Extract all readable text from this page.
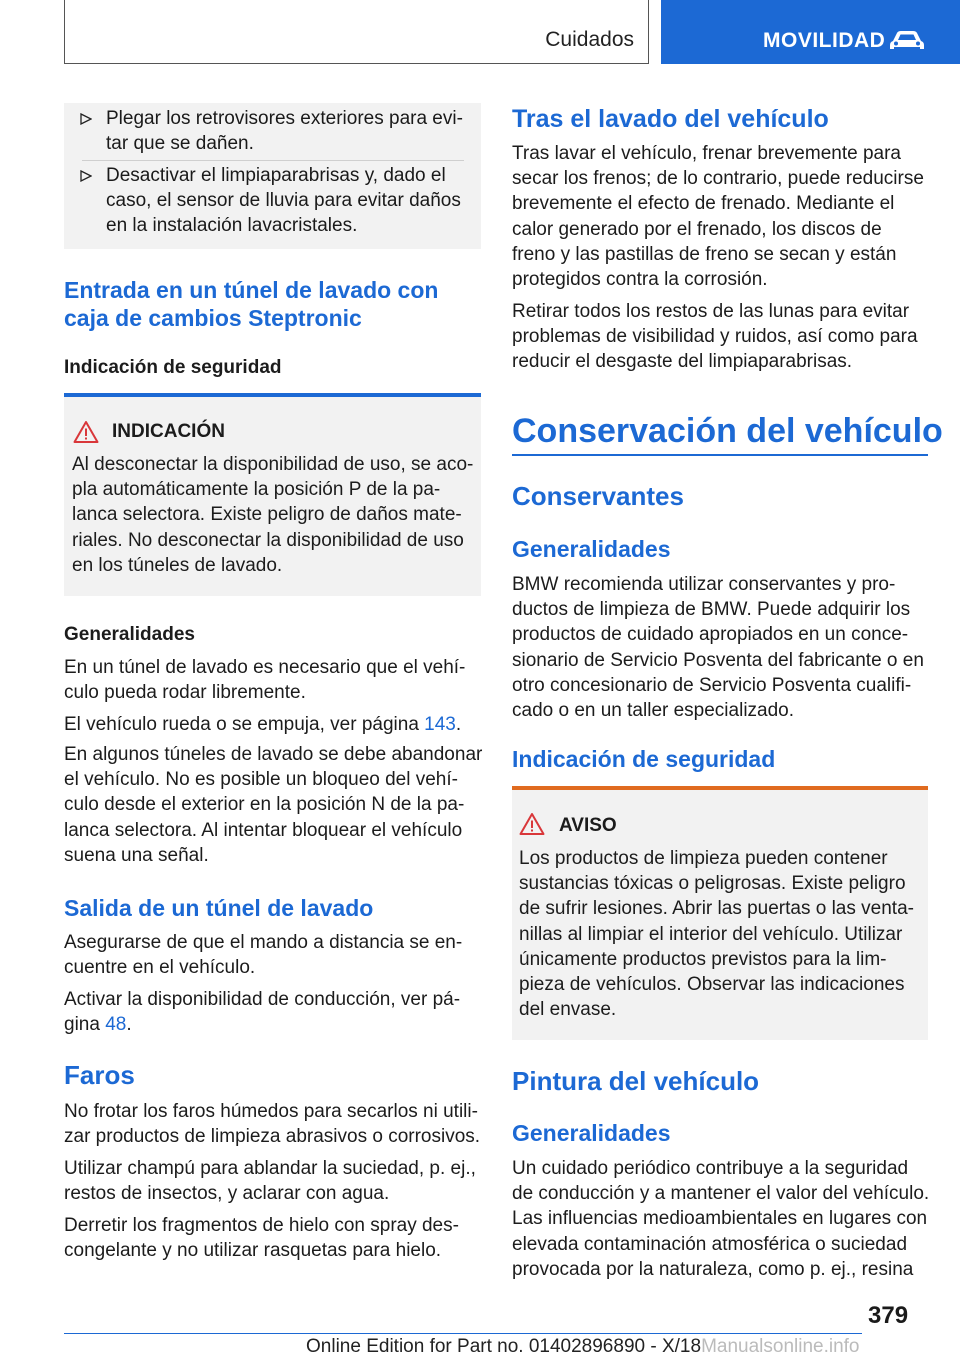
Cuidados	MOVILIDAD
Plegar los retrovisores exteriores para evi-
tar que se dañen.
Desactivar el limpiaparabrisas y, dado el
caso, el sensor de lluvia para evitar daños
en la instalación lavacristales.
Entrada en un túnel de lavado con
caja de cambios Steptronic
Indicación de seguridad
INDICACIÓN
Al desconectar la disponibilidad de uso, se aco-
pla automáticamente la posición P de la pa-
lanca selectora. Existe peligro de daños mate-
riales. No desconectar la disponibilidad de uso
en los túneles de lavado.
Generalidades
En un túnel de lavado es necesario que el vehí-
culo pueda rodar libremente.
El vehículo rueda o se empuja, ver página 143.
En algunos túneles de lavado se debe abandonar
el vehículo. No es posible un bloqueo del vehí-
culo desde el exterior en la posición N de la pa-
lanca selectora. Al intentar bloquear el vehículo
suena una señal.
Salida de un túnel de lavado
Asegurarse de que el mando a distancia se en-
cuentre en el vehículo.
Activar la disponibilidad de conducción, ver pá-
gina 48.
Faros
No frotar los faros húmedos para secarlos ni utili-
zar productos de limpieza abrasivos o corrosivos.
Utilizar champú para ablandar la suciedad, p. ej.,
restos de insectos, y aclarar con agua.
Derretir los fragmentos de hielo con spray des-
congelante y no utilizar rasquetas para hielo.
Tras el lavado del vehículo
Tras lavar el vehículo, frenar brevemente para
secar los frenos; de lo contrario, puede reducirse
brevemente el efecto de frenado. Mediante el
calor generado por el frenado, los discos de
freno y las pastillas de freno se secan y están
protegidos contra la corrosión.
Retirar todos los restos de las lunas para evitar
problemas de visibilidad y ruidos, así como para
reducir el desgaste del limpiaparabrisas.
Conservación del vehículo
Conservantes
Generalidades
BMW recomienda utilizar conservantes y pro-
ductos de limpieza de BMW. Puede adquirir los
productos de cuidado apropiados en un conce-
sionario de Servicio Posventa del fabricante o en
otro concesionario de Servicio Posventa cualifi-
cado o en un taller especializado.
Indicación de seguridad
AVISO
Los productos de limpieza pueden contener
sustancias tóxicas o peligrosas. Existe peligro
de sufrir lesiones. Abrir las puertas o las venta-
nillas al limpiar el interior del vehículo. Utilizar
únicamente productos previstos para la lim-
pieza de vehículos. Observar las indicaciones
del envase.
Pintura del vehículo
Generalidades
Un cuidado periódico contribuye a la seguridad
de conducción y a mantener el valor del vehículo.
Las influencias medioambientales en lugares con
elevada contaminación atmosférica o suciedad
provocada por la naturaleza, como p. ej., resina
379
Online Edition for Part no. 01402896890 - X/18Manualsonline.info
